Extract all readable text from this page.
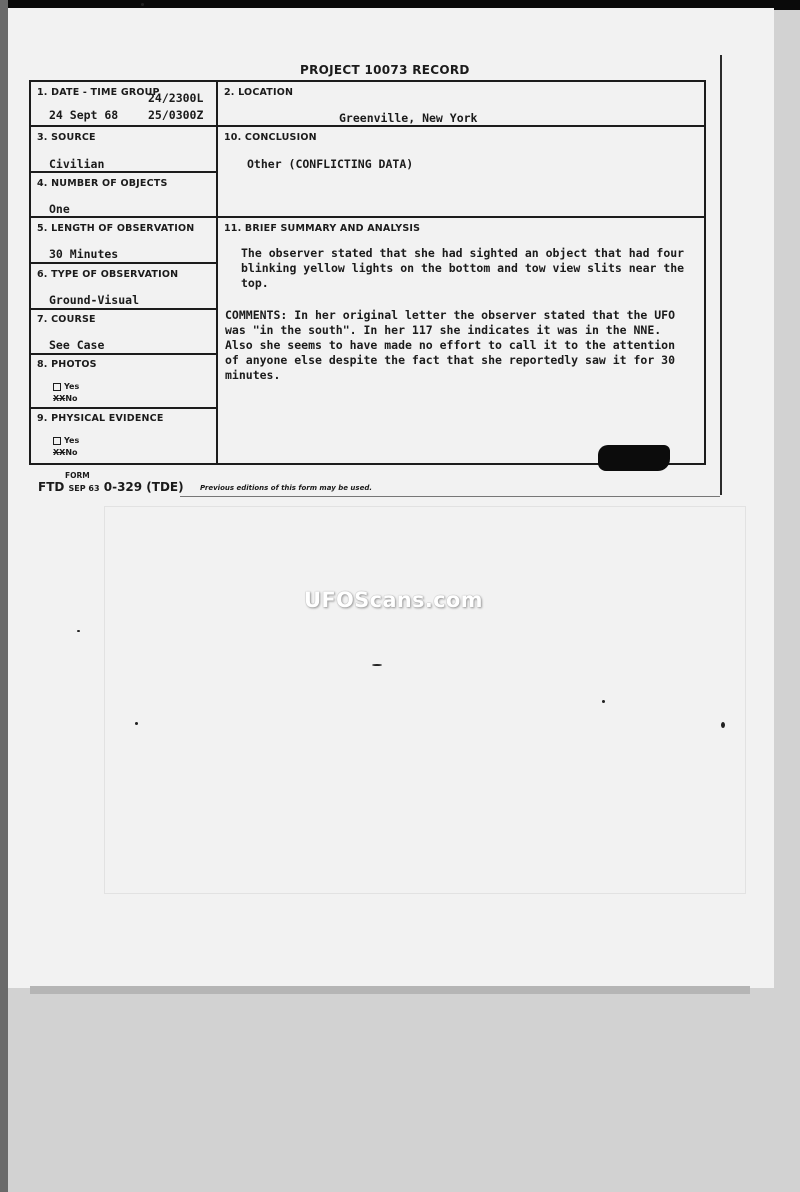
PROJECT 10073 RECORD
1. DATE - TIME GROUP
24/2300L
24 Sept 68	25/0300Z
2. LOCATION
Greenville, New York
3. SOURCE
Civilian
10. CONCLUSION
Other (CONFLICTING DATA)
4. NUMBER OF OBJECTS
One
5. LENGTH OF OBSERVATION
30 Minutes
11. BRIEF SUMMARY AND ANALYSIS
The observer stated that she had sighted an object that had four blinking yellow lights on the bottom and tow view slits near the top.
COMMENTS: In her original letter the observer stated that the UFO was "in the south". In her 117 she indicates it was in the NNE. Also she seems to have made no effort to call it to the attention of anyone else despite the fact that she reportedly saw it for 30 minutes.
6. TYPE OF OBSERVATION
Ground-Visual
7. COURSE
See Case
8. PHOTOS
Yes
XXNo
9. PHYSICAL EVIDENCE
Yes
XXNo
FORM
FTD SEP 63 0-329 (TDE) Previous editions of this form may be used.
UFOScans.com
